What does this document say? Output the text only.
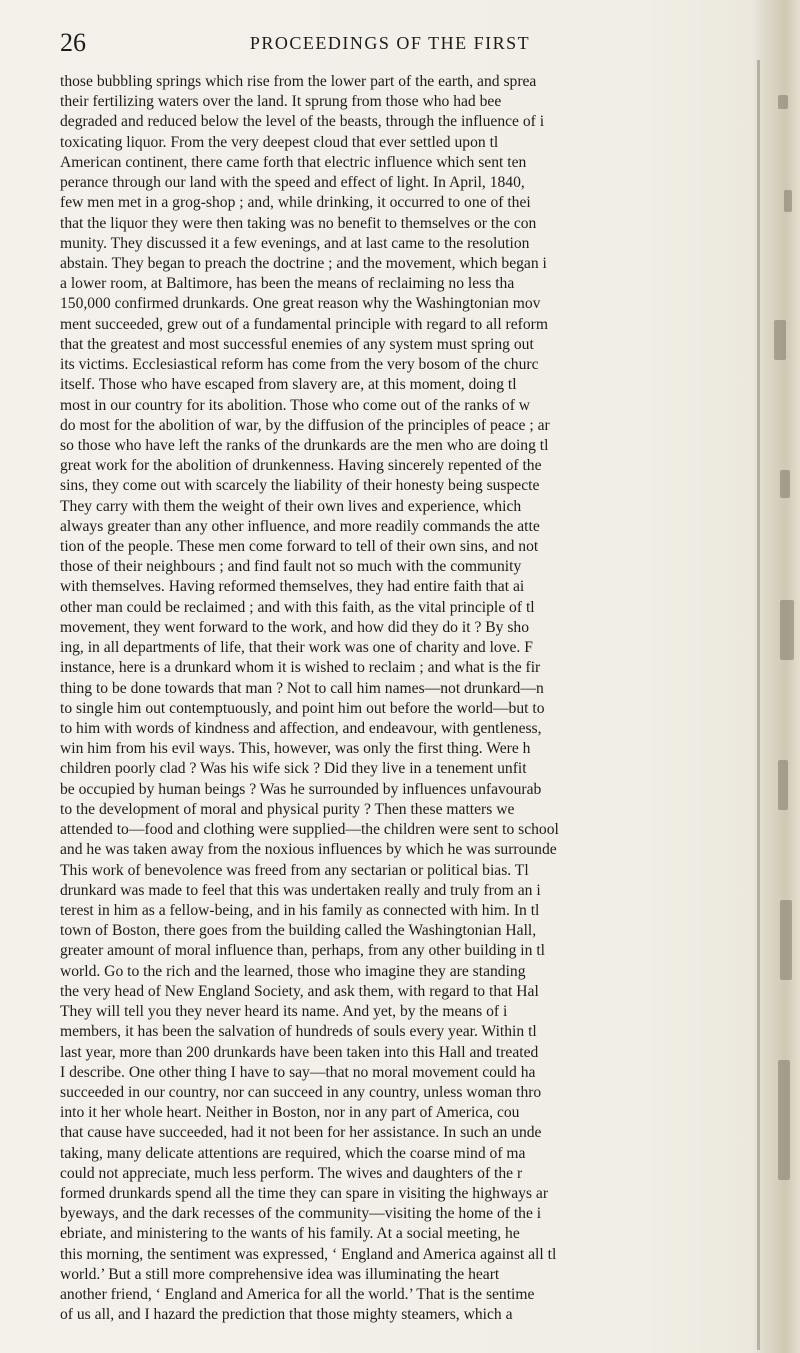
26	PROCEEDINGS OF THE FIRST
those bubbling springs which rise from the lower part of the earth, and sprea
their fertilizing waters over the land. It sprung from those who had bee
degraded and reduced below the level of the beasts, through the influence of i
toxicating liquor. From the very deepest cloud that ever settled upon tl
American continent, there came forth that electric influence which sent ten
perance through our land with the speed and effect of light. In April, 1840,
few men met in a grog-shop ; and, while drinking, it occurred to one of thei
that the liquor they were then taking was no benefit to themselves or the con
munity. They discussed it a few evenings, and at last came to the resolution
abstain. They began to preach the doctrine ; and the movement, which began i
a lower room, at Baltimore, has been the means of reclaiming no less tha
150,000 confirmed drunkards. One great reason why the Washingtonian mov
ment succeeded, grew out of a fundamental principle with regard to all reform
that the greatest and most successful enemies of any system must spring out
its victims. Ecclesiastical reform has come from the very bosom of the churc
itself. Those who have escaped from slavery are, at this moment, doing tl
most in our country for its abolition. Those who come out of the ranks of w
do most for the abolition of war, by the diffusion of the principles of peace ; ar
so those who have left the ranks of the drunkards are the men who are doing tl
great work for the abolition of drunkenness. Having sincerely repented of the
sins, they come out with scarcely the liability of their honesty being suspecte
They carry with them the weight of their own lives and experience, which
always greater than any other influence, and more readily commands the atte
tion of the people. These men come forward to tell of their own sins, and not
those of their neighbours ; and find fault not so much with the community
with themselves. Having reformed themselves, they had entire faith that ai
other man could be reclaimed ; and with this faith, as the vital principle of tl
movement, they went forward to the work, and how did they do it ? By sho
ing, in all departments of life, that their work was one of charity and love. F
instance, here is a drunkard whom it is wished to reclaim ; and what is the fir
thing to be done towards that man ? Not to call him names—not drunkard—n
to single him out contemptuously, and point him out before the world—but to
to him with words of kindness and affection, and endeavour, with gentleness,
win him from his evil ways. This, however, was only the first thing. Were h
children poorly clad ? Was his wife sick ? Did they live in a tenement unfit
be occupied by human beings ? Was he surrounded by influences unfavourab
to the development of moral and physical purity ? Then these matters we
attended to—food and clothing were supplied—the children were sent to school
and he was taken away from the noxious influences by which he was surrounde
This work of benevolence was freed from any sectarian or political bias. Tl
drunkard was made to feel that this was undertaken really and truly from an i
terest in him as a fellow-being, and in his family as connected with him. In tl
town of Boston, there goes from the building called the Washingtonian Hall,
greater amount of moral influence than, perhaps, from any other building in tl
world. Go to the rich and the learned, those who imagine they are standing
the very head of New England Society, and ask them, with regard to that Hal
They will tell you they never heard its name. And yet, by the means of i
members, it has been the salvation of hundreds of souls every year. Within tl
last year, more than 200 drunkards have been taken into this Hall and treated
I describe. One other thing I have to say—that no moral movement could ha
succeeded in our country, nor can succeed in any country, unless woman thro
into it her whole heart. Neither in Boston, nor in any part of America, cou
that cause have succeeded, had it not been for her assistance. In such an unde
taking, many delicate attentions are required, which the coarse mind of ma
could not appreciate, much less perform. The wives and daughters of the r
formed drunkards spend all the time they can spare in visiting the highways ar
byeways, and the dark recesses of the community—visiting the home of the i
ebriate, and ministering to the wants of his family. At a social meeting, he
this morning, the sentiment was expressed, ‘ England and America against all tl
world.’ But a still more comprehensive idea was illuminating the heart
another friend, ‘ England and America for all the world.’ That is the sentime
of us all, and I hazard the prediction that those mighty steamers, which a
